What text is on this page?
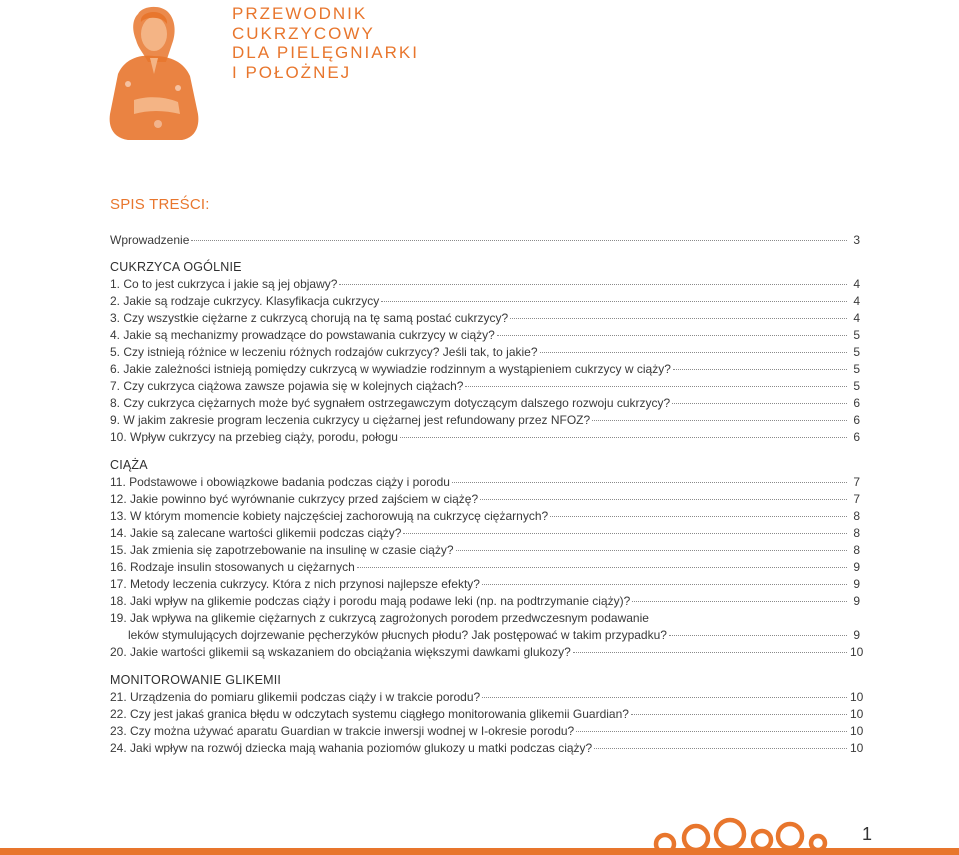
PRZEWODNIK
CUKRZYCOWY
DLA PIELĘGNIARKI
I POŁOŻNEJ
SPIS TREŚCI:
Wprowadzenie	3
CUKRZYCA OGÓLNIE
1. Co to jest cukrzyca i jakie są jej objawy?	4
2. Jakie są rodzaje cukrzycy. Klasyfikacja cukrzycy	4
3. Czy wszystkie ciężarne z cukrzycą chorują na tę samą postać cukrzycy?	4
4. Jakie są mechanizmy prowadzące do powstawania cukrzycy w ciąży?	5
5. Czy istnieją różnice w leczeniu różnych rodzajów cukrzycy? Jeśli tak, to jakie?	5
6. Jakie zależności istnieją pomiędzy cukrzycą w wywiadzie rodzinnym a wystąpieniem cukrzycy w ciąży?	5
7. Czy cukrzyca ciążowa zawsze pojawia się w kolejnych ciążach?	5
8. Czy cukrzyca ciężarnych może być sygnałem ostrzegawczym dotyczącym dalszego rozwoju cukrzycy?	6
9. W jakim zakresie program leczenia cukrzycy u ciężarnej jest refundowany przez NFOZ?	6
10. Wpływ cukrzycy na przebieg ciąży, porodu, połogu	6
CIĄŻA
11. Podstawowe i obowiązkowe badania podczas ciąży i porodu	7
12. Jakie powinno być wyrównanie cukrzycy przed zajściem w ciążę?	7
13. W którym momencie kobiety najczęściej zachorowują na cukrzycę ciężarnych?	8
14. Jakie są zalecane wartości glikemii podczas ciąży?	8
15. Jak zmienia się zapotrzebowanie na insulinę w czasie ciąży?	8
16. Rodzaje insulin stosowanych u ciężarnych	9
17. Metody leczenia cukrzycy. Która z nich przynosi najlepsze efekty?	9
18. Jaki wpływ na glikemie podczas ciąży i porodu mają podawe leki (np. na podtrzymanie ciąży)?	9
19. Jak wpływa na glikemie ciężarnych z cukrzycą zagrożonych porodem przedwczesnym podawanie
leków stymulujących dojrzewanie pęcherzyków płucnych płodu? Jak postępować w takim przypadku?	9
20. Jakie wartości glikemii są wskazaniem do obciążania większymi dawkami glukozy?	10
MONITOROWANIE GLIKEMII
21. Urządzenia do pomiaru glikemii podczas ciąży i w trakcie porodu?	10
22. Czy jest jakaś granica błędu w odczytach systemu ciągłego monitorowania glikemii Guardian?	10
23. Czy można używać aparatu Guardian w trakcie inwersji wodnej w I-okresie porodu?	10
24. Jaki wpływ na rozwój dziecka mają wahania poziomów glukozy u matki podczas ciąży?	10
1
